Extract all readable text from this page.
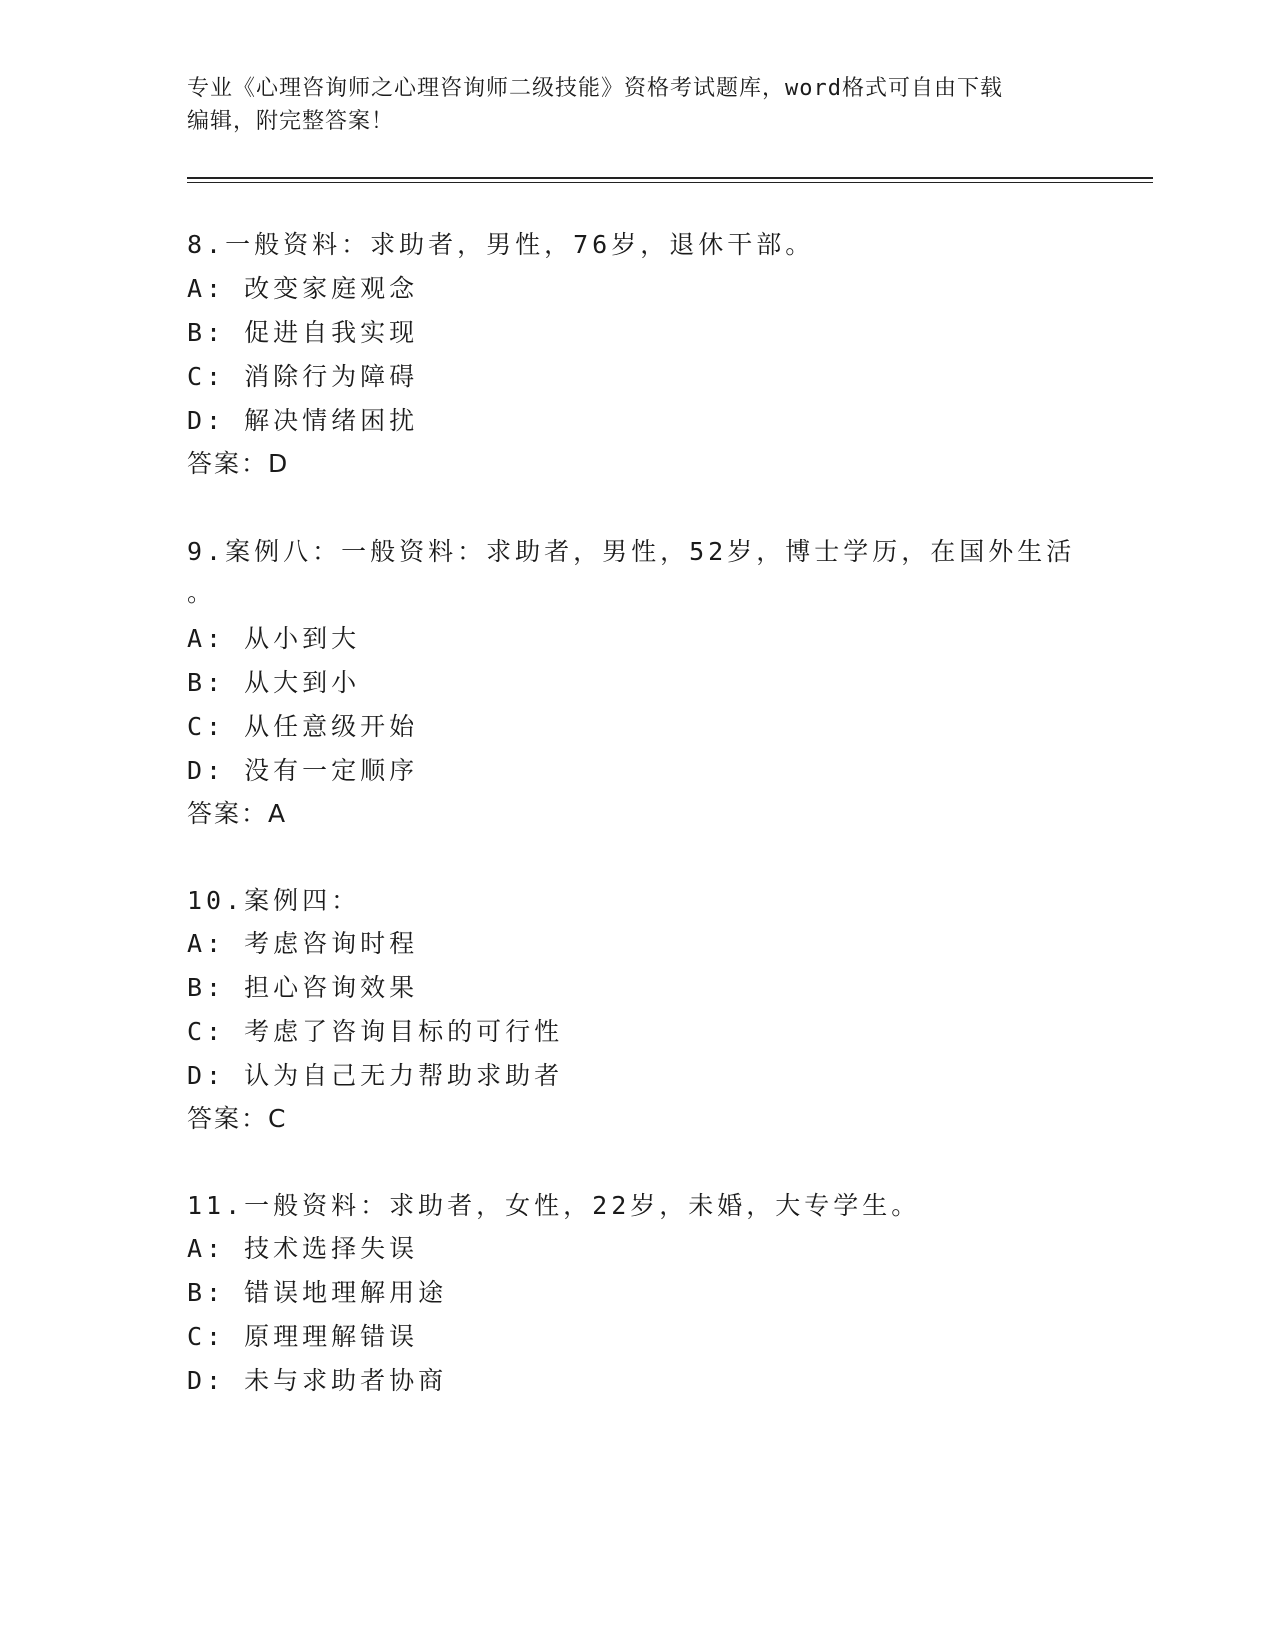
专业《心理咨询师之心理咨询师二级技能》资格考试题库，word格式可自由下载
编辑，附完整答案！
8.一般资料：求助者，男性，76岁，退休干部。
A: 改变家庭观念
B: 促进自我实现
C: 消除行为障碍
D: 解决情绪困扰
答案：D
9.案例八：一般资料：求助者，男性，52岁，博士学历，在国外生活
。
A: 从小到大
B: 从大到小
C: 从任意级开始
D: 没有一定顺序
答案：A
10.案例四：
A: 考虑咨询时程
B: 担心咨询效果
C: 考虑了咨询目标的可行性
D: 认为自己无力帮助求助者
答案：C
11.一般资料：求助者，女性，22岁，未婚，大专学生。
A: 技术选择失误
B: 错误地理解用途
C: 原理理解错误
D: 未与求助者协商
